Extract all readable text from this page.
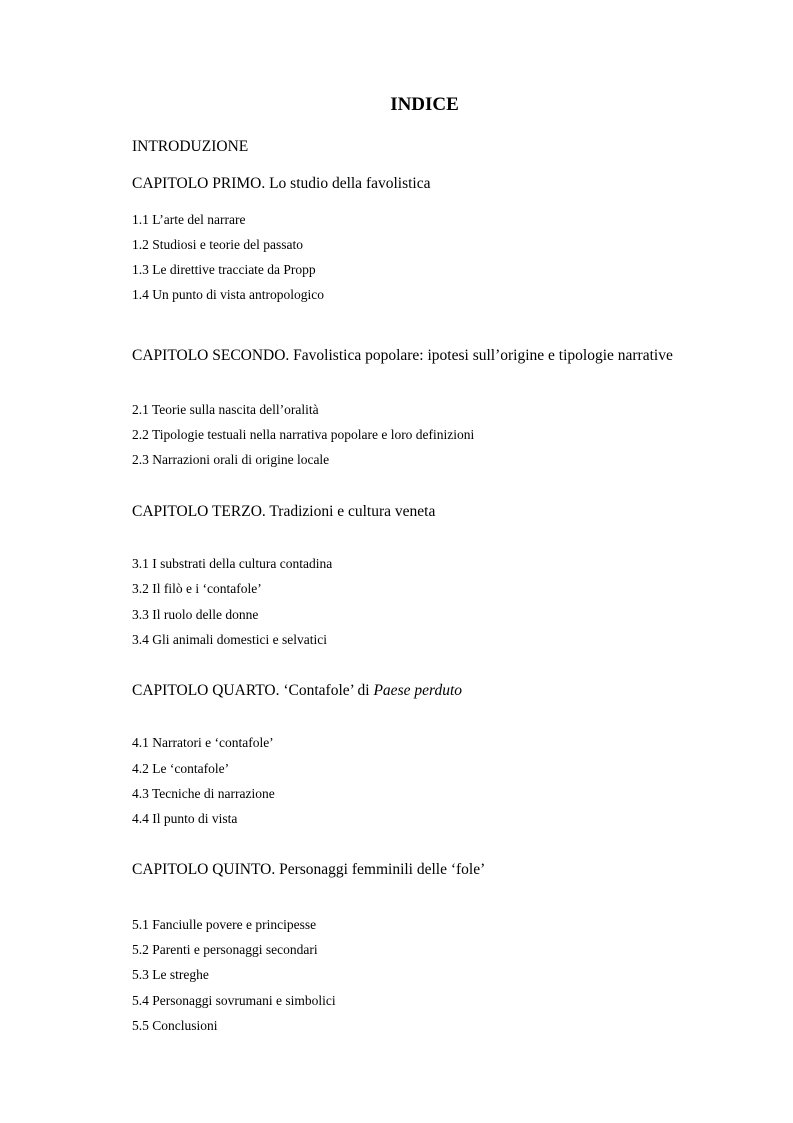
INDICE
INTRODUZIONE
CAPITOLO PRIMO. Lo studio della favolistica
1.1 L’arte del narrare
1.2 Studiosi e teorie del passato
1.3 Le direttive tracciate da Propp
1.4 Un punto di vista antropologico
CAPITOLO SECONDO. Favolistica popolare: ipotesi sull’origine e tipologie narrative
2.1 Teorie sulla nascita dell’oralità
2.2 Tipologie testuali nella narrativa popolare e loro definizioni
2.3 Narrazioni orali di origine locale
CAPITOLO TERZO. Tradizioni e cultura veneta
3.1 I substrati della cultura contadina
3.2 Il filò e i ‘contafole’
3.3 Il ruolo delle donne
3.4 Gli animali domestici e selvatici
CAPITOLO QUARTO. ‘Contafole’ di Paese perduto
4.1 Narratori e ‘contafole’
4.2 Le ‘contafole’
4.3 Tecniche di narrazione
4.4 Il punto di vista
CAPITOLO QUINTO. Personaggi femminili delle ‘fole’
5.1 Fanciulle povere e principesse
5.2 Parenti e personaggi secondari
5.3 Le streghe
5.4 Personaggi sovrumani e simbolici
5.5 Conclusioni
